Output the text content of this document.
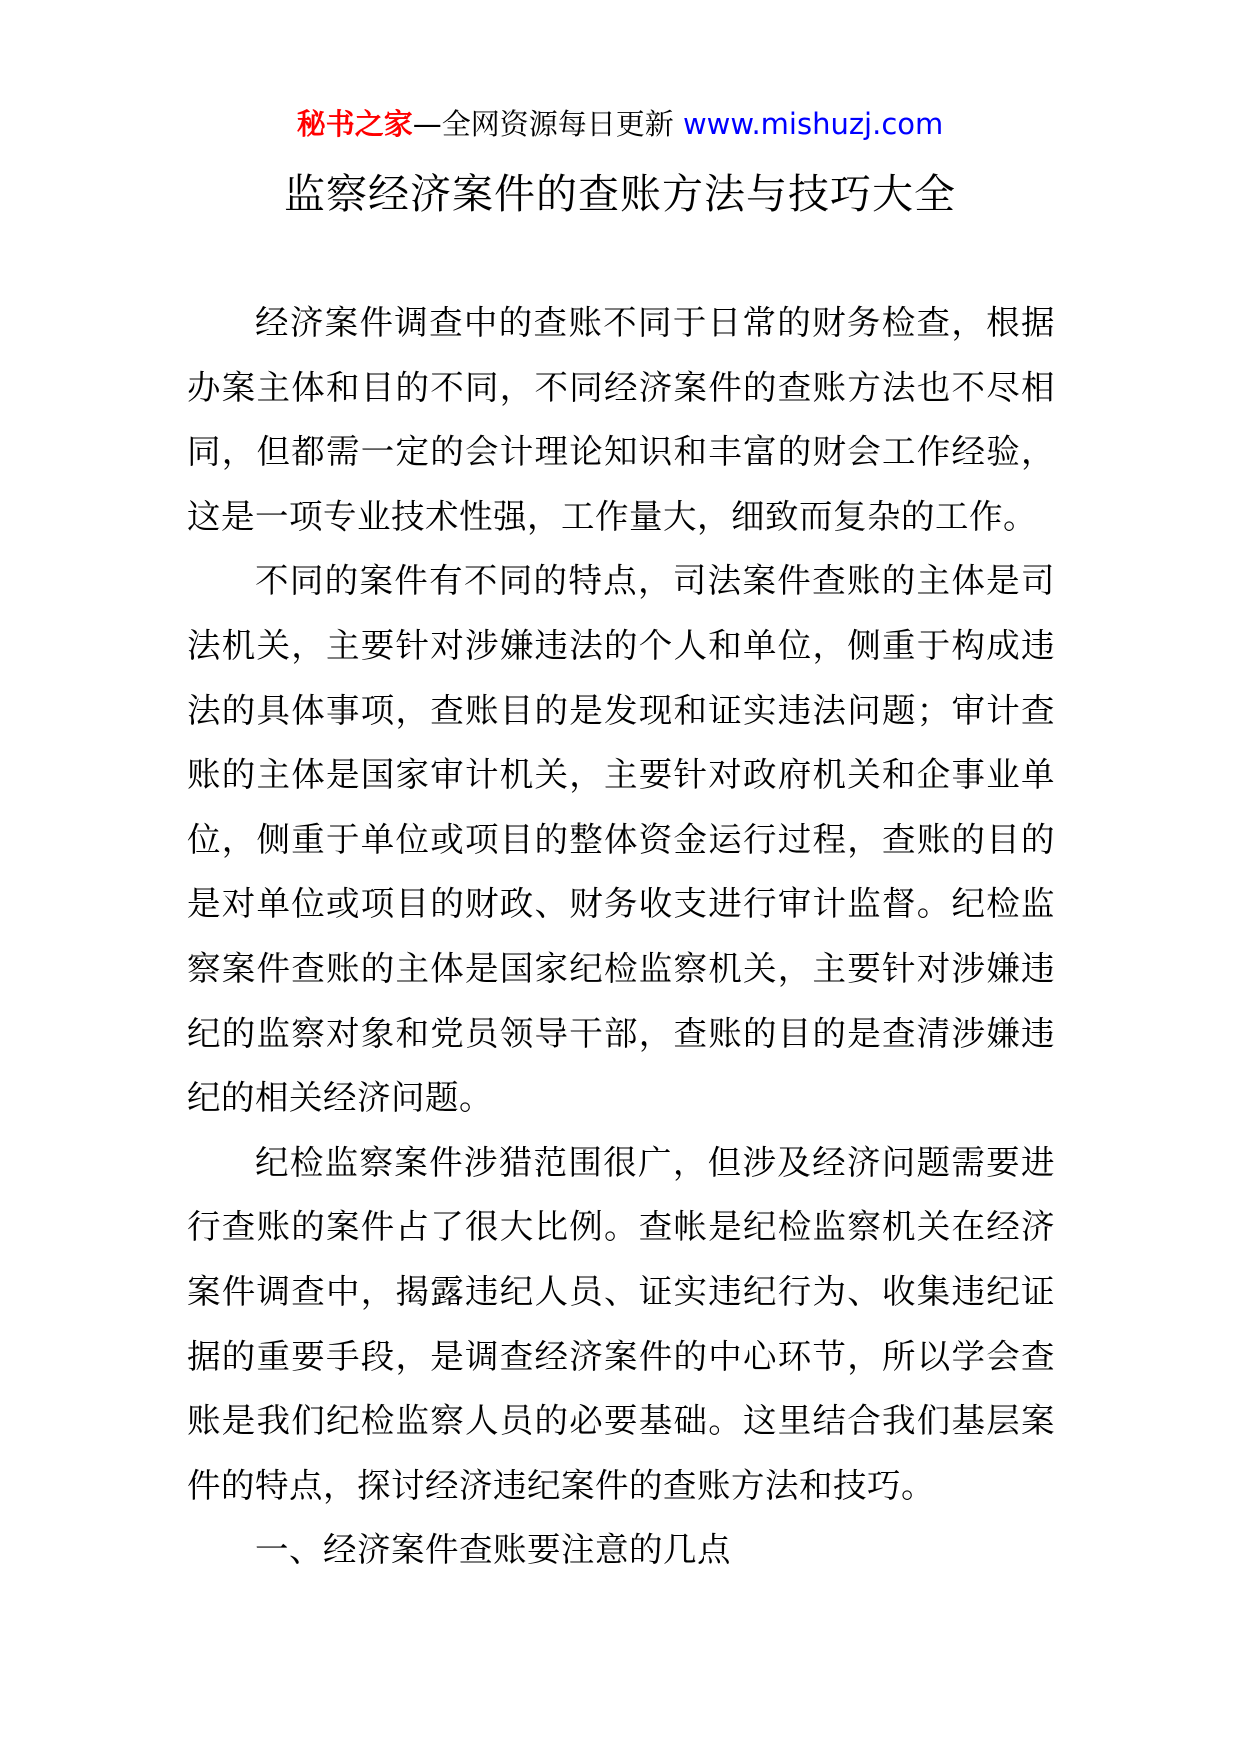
秘书之家—全网资源每日更新 www.mishuzj.com
监察经济案件的查账方法与技巧大全

经济案件调查中的查账不同于日常的财务检查，根据办案主体和目的不同，不同经济案件的查账方法也不尽相同，但都需一定的会计理论知识和丰富的财会工作经验，这是一项专业技术性强，工作量大，细致而复杂的工作。

不同的案件有不同的特点，司法案件查账的主体是司法机关，主要针对涉嫌违法的个人和单位，侧重于构成违法的具体事项，查账目的是发现和证实违法问题；审计查账的主体是国家审计机关，主要针对政府机关和企事业单位，侧重于单位或项目的整体资金运行过程，查账的目的是对单位或项目的财政、财务收支进行审计监督。纪检监察案件查账的主体是国家纪检监察机关，主要针对涉嫌违纪的监察对象和党员领导干部，查账的目的是查清涉嫌违纪的相关经济问题。

纪检监察案件涉猎范围很广，但涉及经济问题需要进行查账的案件占了很大比例。查帐是纪检监察机关在经济案件调查中，揭露违纪人员、证实违纪行为、收集违纪证据的重要手段，是调查经济案件的中心环节，所以学会查账是我们纪检监察人员的必要基础。这里结合我们基层案件的特点，探讨经济违纪案件的查账方法和技巧。

一、经济案件查账要注意的几点
